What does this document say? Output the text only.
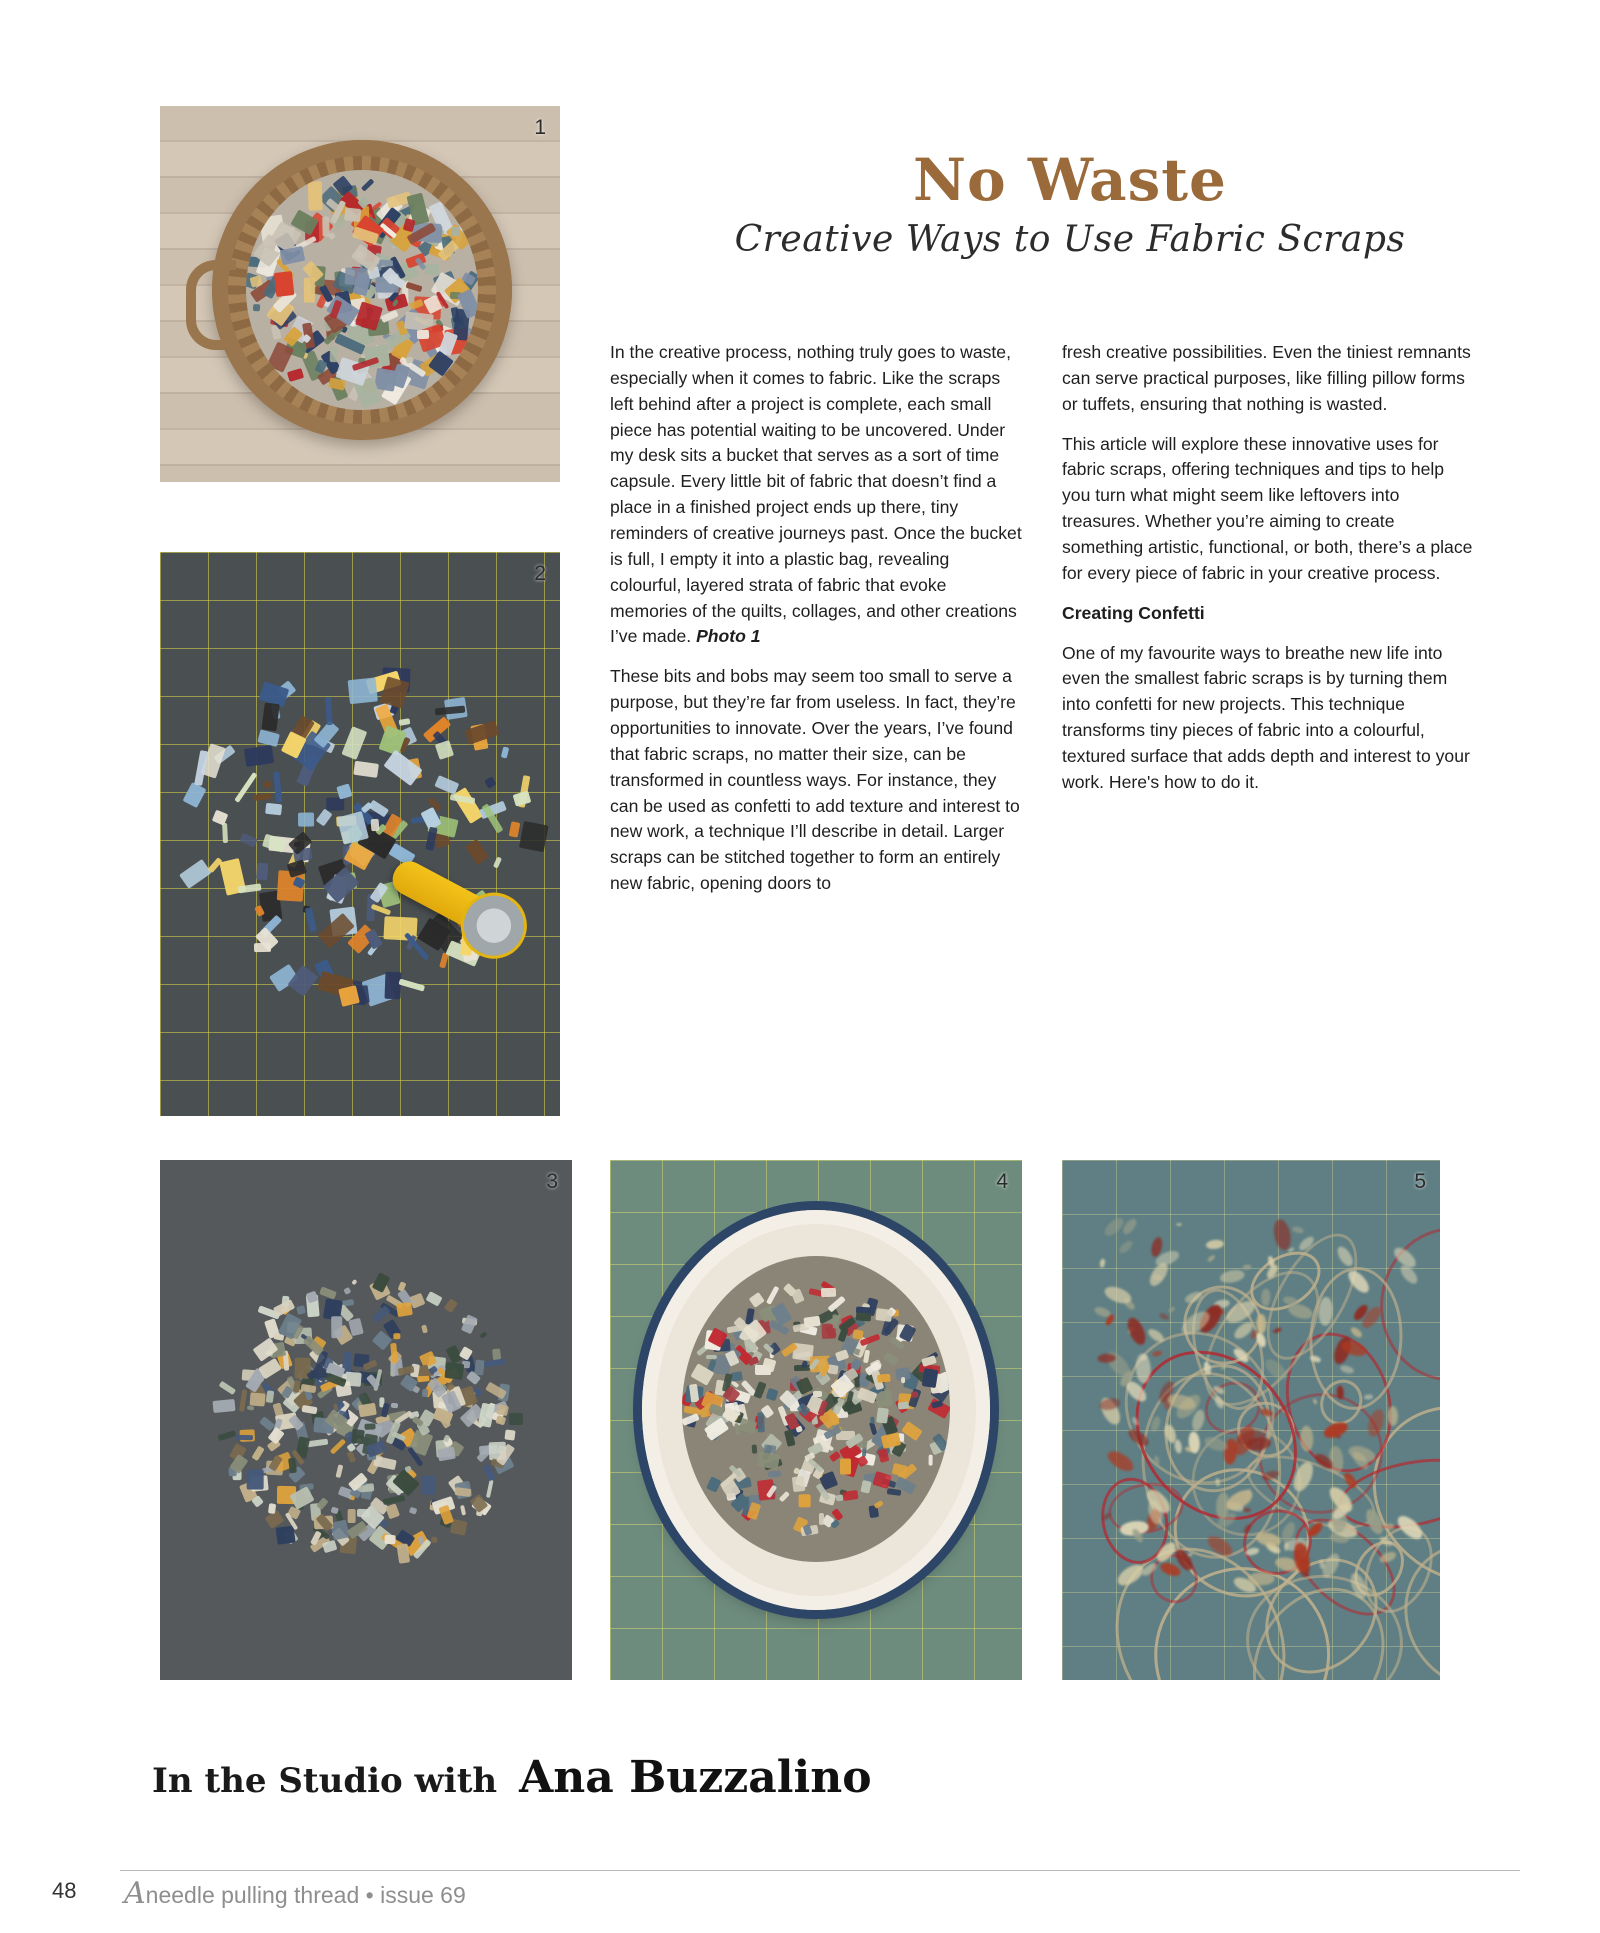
1
2
3	4	5
No Waste

Creative Ways to Use Fabric Scraps

In the creative process, nothing truly goes to waste, especially when it comes to fabric. Like the scraps left behind after a project is complete, each small piece has potential waiting to be uncovered. Under my desk sits a bucket that serves as a sort of time capsule. Every little bit of fabric that doesn’t find a place in a finished project ends up there, tiny reminders of creative journeys past. Once the bucket is full, I empty it into a plastic bag, revealing colourful, layered strata of fabric that evoke memories of the quilts, collages, and other creations I’ve made. Photo 1

These bits and bobs may seem too small to serve a purpose, but they’re far from useless. In fact, they’re opportunities to innovate. Over the years, I’ve found that fabric scraps, no matter their size, can be transformed in countless ways. For instance, they can be used as confetti to add texture and interest to new work, a technique I’ll describe in detail. Larger scraps can be stitched together to form an entirely new fabric, opening doors to

fresh creative possibilities. Even the tiniest remnants can serve practical purposes, like filling pillow forms or tuffets, ensuring that nothing is wasted.

This article will explore these innovative uses for fabric scraps, offering techniques and tips to help you turn what might seem like leftovers into treasures. Whether you’re aiming to create something artistic, functional, or both, there’s a place for every piece of fabric in your creative process.

Creating Confetti

One of my favourite ways to breathe new life into even the smallest fabric scraps is by turning them into confetti for new projects. This technique transforms tiny pieces of fabric into a colourful, textured surface that adds depth and interest to your work. Here's how to do it.

In the Studio with Ana Buzzalino
48 Aneedle pulling thread • issue 69
